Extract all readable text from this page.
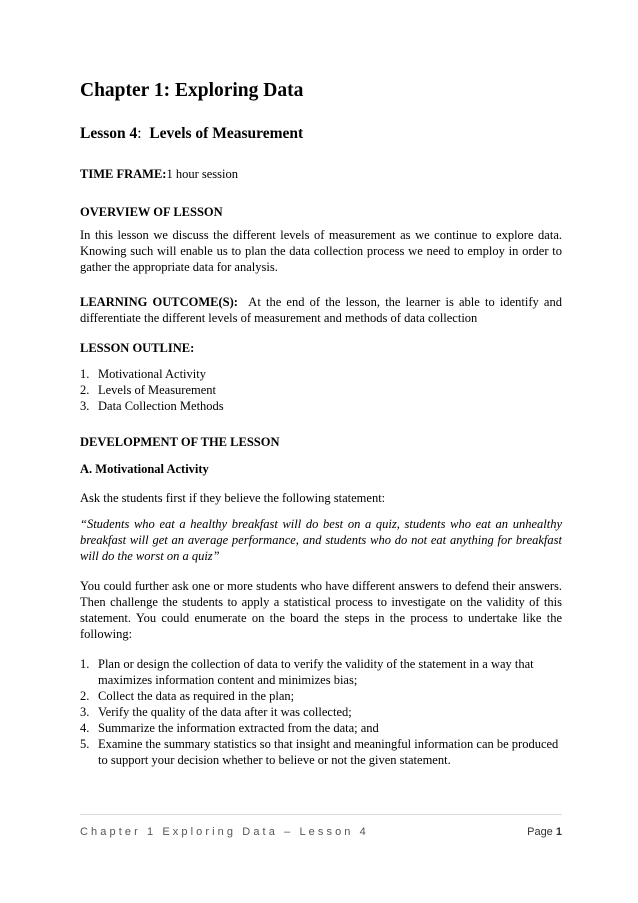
Chapter 1: Exploring Data
Lesson 4: Levels of Measurement
TIME FRAME:1 hour session
OVERVIEW OF LESSON

In this lesson we discuss the different levels of measurement as we continue to explore data. Knowing such will enable us to plan the data collection process we need to employ in order to gather the appropriate data for analysis.

LEARNING OUTCOME(S): At the end of the lesson, the learner is able to identify and differentiate the different levels of measurement and methods of data collection

LESSON OUTLINE:
1. Motivational Activity
2. Levels of Measurement
3. Data Collection Methods
DEVELOPMENT OF THE LESSON
A. Motivational Activity

Ask the students first if they believe the following statement:

“Students who eat a healthy breakfast will do best on a quiz, students who eat an unhealthy breakfast will get an average performance, and students who do not eat anything for breakfast will do the worst on a quiz”

You could further ask one or more students who have different answers to defend their answers. Then challenge the students to apply a statistical process to investigate on the validity of this statement. You could enumerate on the board the steps in the process to undertake like the following:

1. Plan or design the collection of data to verify the validity of the statement in a way that maximizes information content and minimizes bias;
2. Collect the data as required in the plan;
3. Verify the quality of the data after it was collected;
4. Summarize the information extracted from the data; and
5. Examine the summary statistics so that insight and meaningful information can be produced to support your decision whether to believe or not the given statement.
Chapter 1 Exploring Data – Lesson 4	Page 1
